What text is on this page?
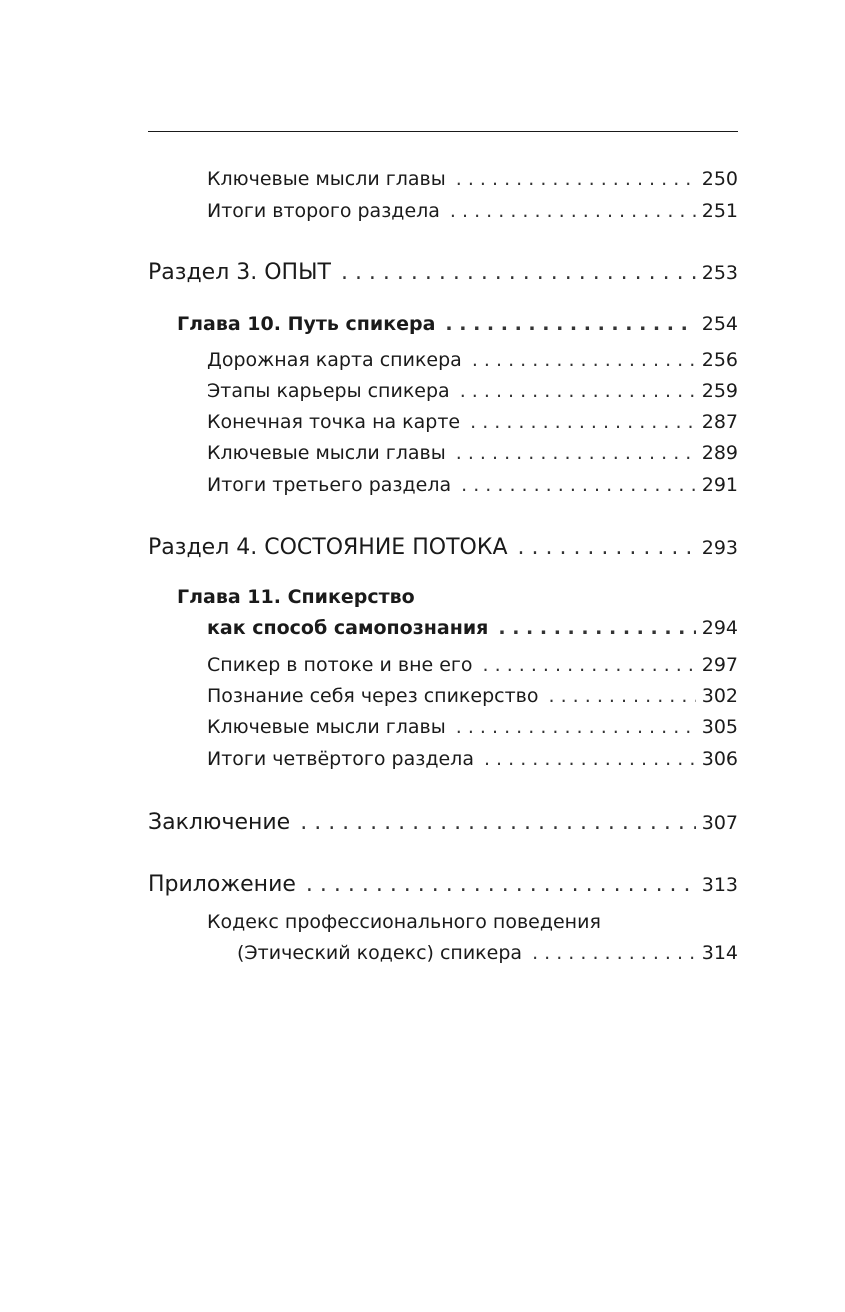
Ключевые мысли главы . . .	250
Итоги второго раздела . . .	251
Раздел 3. ОПЫТ . . .	253
Глава 10. Путь спикера . . .	254
Дорожная карта спикера . . .	256
Этапы карьеры спикера . . .	259
Конечная точка на карте . . .	287
Ключевые мысли главы . . .	289
Итоги третьего раздела . . .	291
Раздел 4. СОСТОЯНИЕ ПОТОКА . . .	293
Глава 11. Спикерство
как способ самопознания . . .	294
Спикер в потоке и вне его . . .	297
Познание себя через спикерство . . .	302
Ключевые мысли главы . . .	305
Итоги четвёртого раздела . . .	306
Заключение . . .	307
Приложение . . .	313
Кодекс профессионального поведения
(Этический кодекс) спикера . . .	314
